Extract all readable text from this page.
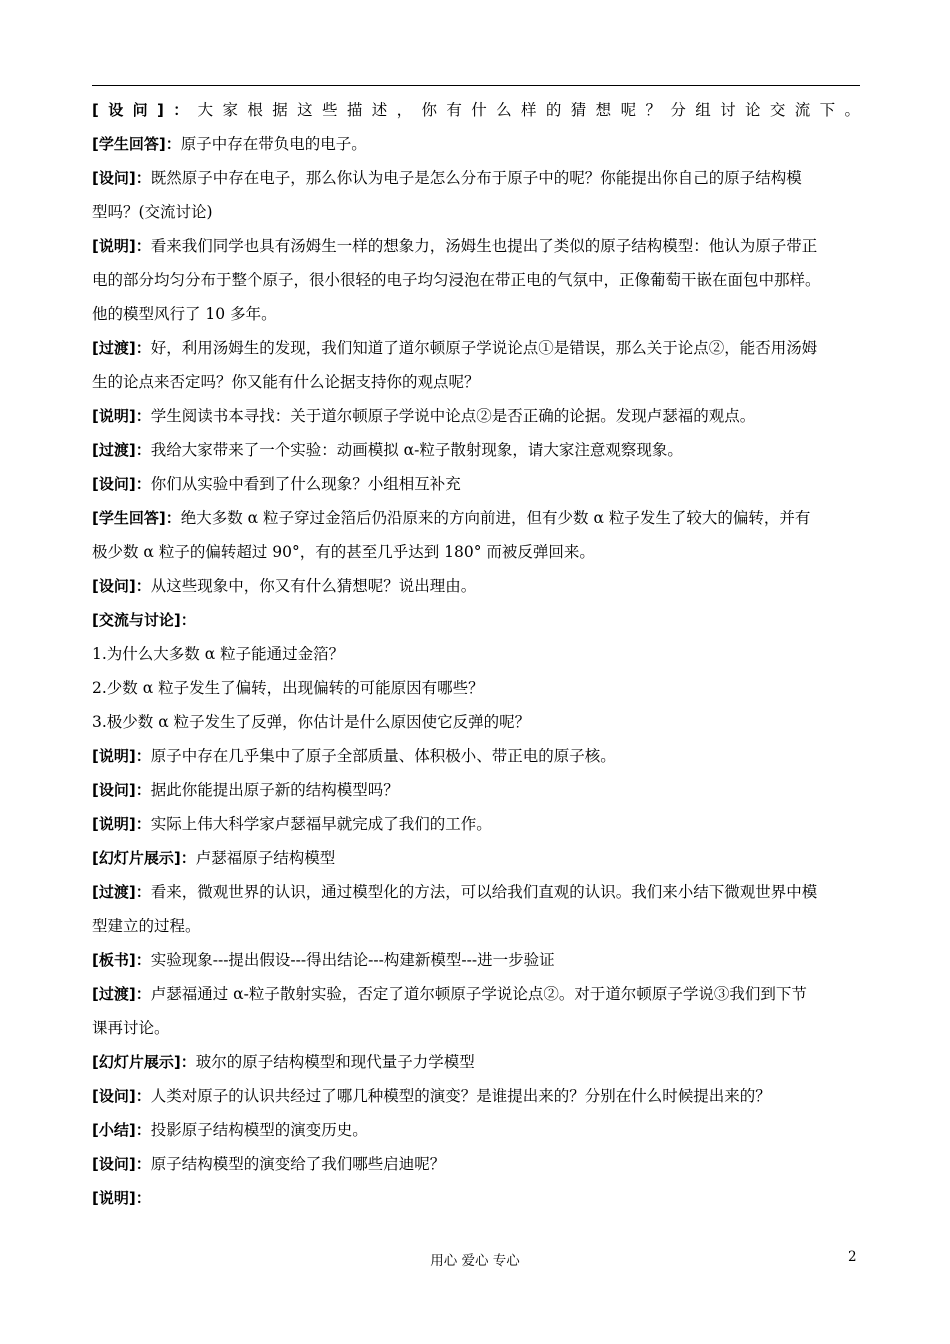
[设问]：大家根据这些描述，你有什么样的猜想呢？分组讨论交流下。
[学生回答]：原子中存在带负电的电子。
[设问]：既然原子中存在电子，那么你认为电子是怎么分布于原子中的呢？你能提出你自己的原子结构模
型吗？(交流讨论)
[说明]：看来我们同学也具有汤姆生一样的想象力，汤姆生也提出了类似的原子结构模型：他认为原子带正
电的部分均匀分布于整个原子，很小很轻的电子均匀浸泡在带正电的气氛中，正像葡萄干嵌在面包中那样。
他的模型风行了 10 多年。
[过渡]：好，利用汤姆生的发现，我们知道了道尔顿原子学说论点①是错误，那么关于论点②，能否用汤姆
生的论点来否定吗？你又能有什么论据支持你的观点呢？
[说明]：学生阅读书本寻找：关于道尔顿原子学说中论点②是否正确的论据。发现卢瑟福的观点。
[过渡]：我给大家带来了一个实验：动画模拟 α-粒子散射现象，请大家注意观察现象。
[设问]：你们从实验中看到了什么现象？小组相互补充
[学生回答]：绝大多数 α 粒子穿过金箔后仍沿原来的方向前进，但有少数 α 粒子发生了较大的偏转，并有
极少数 α 粒子的偏转超过 90°，有的甚至几乎达到 180° 而被反弹回来。
[设问]：从这些现象中，你又有什么猜想呢？说出理由。
[交流与讨论]：
1.为什么大多数 α 粒子能通过金箔？
2.少数 α 粒子发生了偏转，出现偏转的可能原因有哪些？
3.极少数 α 粒子发生了反弹，你估计是什么原因使它反弹的呢？
[说明]：原子中存在几乎集中了原子全部质量、体积极小、带正电的原子核。
[设问]：据此你能提出原子新的结构模型吗？
[说明]：实际上伟大科学家卢瑟福早就完成了我们的工作。
[幻灯片展示]：卢瑟福原子结构模型
[过渡]：看来，微观世界的认识，通过模型化的方法，可以给我们直观的认识。我们来小结下微观世界中模
型建立的过程。
[板书]：实验现象---提出假设---得出结论---构建新模型---进一步验证
[过渡]：卢瑟福通过 α-粒子散射实验，否定了道尔顿原子学说论点②。对于道尔顿原子学说③我们到下节
课再讨论。
[幻灯片展示]：玻尔的原子结构模型和现代量子力学模型
[设问]：人类对原子的认识共经过了哪几种模型的演变？是谁提出来的？分别在什么时候提出来的？
[小结]：投影原子结构模型的演变历史。
[设问]：原子结构模型的演变给了我们哪些启迪呢？
[说明]：
用心 爱心 专心	2
